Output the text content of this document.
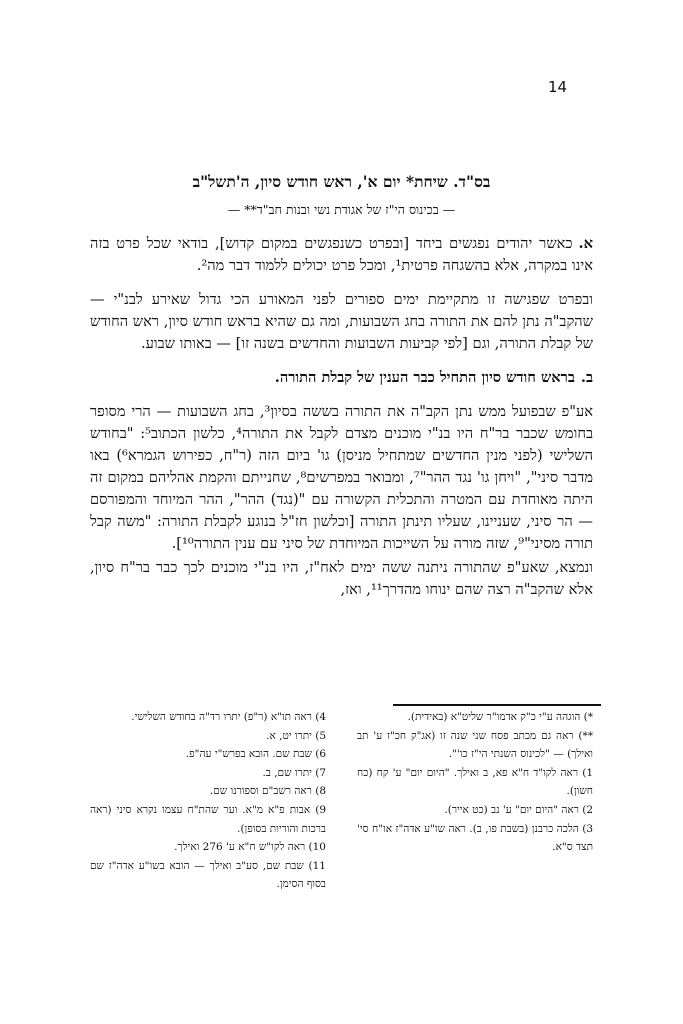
14
בס"ד. שיחת* יום א', ראש חודש סיון, ה'תשל"ב
— בכינוס הי"ז של אגודת נשי ובנות חב"ד** —

א.כאשר יהודים נפגשים ביחד [ובפרט כשנפגשים במקום קדוש], בודאי שכל פרט בזה אינו במקרה, אלא בהשגחה פרטית¹, ומכל פרט יכולים ללמוד דבר מה².

ובפרט שפגישה זו מתקיימת ימים ספורים לפני המאורע הכי גדול שאירע לבנ"י — שהקב"ה נתן להם את התורה בחג השבועות, ומה גם שהיא בראש חודש סיון, ראש החודש של קבלת התורה, וגם [לפי קביעות השבועות והחדשים בשנה זו] — באותו שבוע.

ב.בראש חודש סיון התחיל כבר הענין של קבלת התורה.

אע"פ שבפועל ממש נתן הקב"ה את התורה בששה בסיון³, בחג השבועות — הרי מסופר בחומש שכבר בר"ח היו בנ"י מוכנים מצדם לקבל את התורה⁴, כלשון הכתוב⁵: "בחודש השלישי (לפני מנין החדשים שמתחיל מניסן) גו' ביום הזה (ר"ח, כפירוש הגמרא⁶) באו מדבר סיני", "ויחן גו' נגד ההר"⁷, ומבואר במפרשים⁸, שחנייתם והקמת אהליהם במקום זה היתה מאוחדת עם המטרה והתכלית הקשורה עם "(נגד) ההר", ההר המיוחד והמפורסם — הר סיני, שעניינו, שעליו תינתן התורה [וכלשון חז"ל בנוגע לקבלת התורה: "משה קבל תורה מסיני"⁹, שזה מורה על השייכות המיוחדת של סיני עם ענין התורה¹⁰].

ונמצא, שאע"פ שהתורה ניתנה ששה ימים לאח"ז, היו בנ"י מוכנים לכך כבר בר"ח סיון, אלא שהקב"ה רצה שהם ינוחו מהדרך¹¹, ואז,

*) הוגהה ע"י כ"ק אדמו"ר שליט"א (באידית).
**) ראה גם מכתב פסח שני שנה זו (אג"ק חכ"ז ע' תב ואילך) — "לכינוס השנתי הי"ז כו'".
1) ראה לקו"ד ח"א פא, ב ואילך. "היום יום" ע' קח (כח חשון).
2) ראה "היום יום" ע' נב (כט אייר).
3) הלכה כרבנן (בשבת פו, ב). ראה שו"ע אדה"ז או"ח סי' תצד ס"א.
4) ראה תו"א (ר"פ) יתרו רד"ה בחודש השלישי.
5) יתרו יט, א.
6) שבת שם. הובא בפרש"י עה"פ.
7) יתרו שם, ב.
8) ראה רשב"ם וספורנו שם.
9) אבות פ"א מ"א. וער שהת"ח עצמו נקרא סיני (ראה ברכות והוריות בסופן).
10) ראה לקו"ש ח"א ע' 276 ואילך.
11) שבת שם, סע"ב ואילך — הובא בשו"ע אדה"ז שם בסוף הסימן.
